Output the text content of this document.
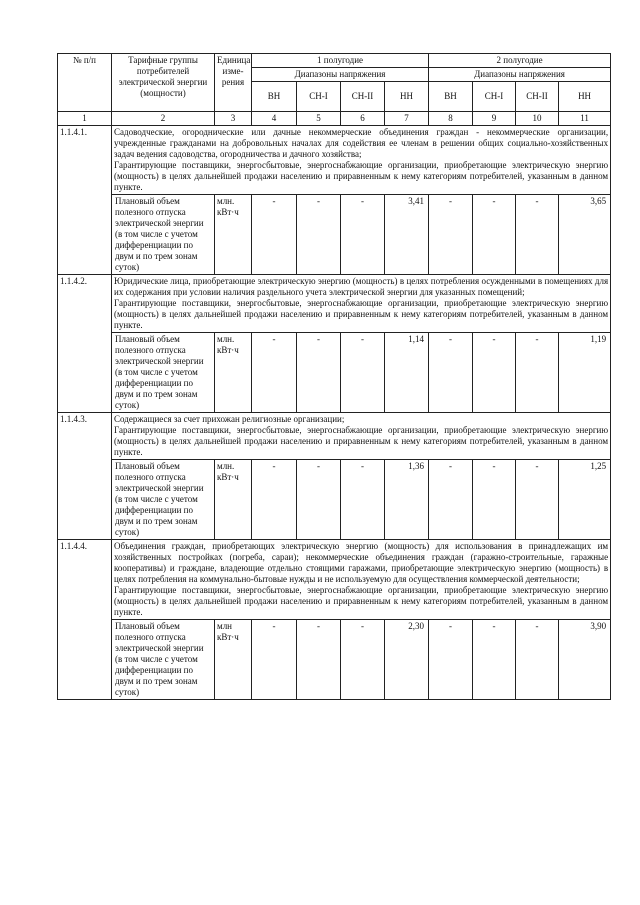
№ п/п	Тарифные группы потребителей электрической энергии (мощности)	Единица изме-рения	1 полугодие				2 полугодие			
			Диапазоны напряжения				Диапазоны напряжения			
			ВН	СН-I	СН-II	НН	ВН	СН-I	СН-II	НН
1	2	3	4	5	6	7	8	9	10	11
1.1.4.1.	Садоводческие, огороднические или дачные некоммерческие объединения граждан - некоммерческие организации, учрежденные гражданами на добровольных началах для содействия ее членам в решении общих социально-хозяйственных задач ведения садоводства, огородничества и дачного хозяйства;

Гарантирующие поставщики, энергосбытовые, энергоснабжающие организации, приобретающие электрическую энергию (мощность) в целях дальнейшей продажи населению и приравненным к нему категориям потребителей, указанным в данном пункте.									

	Плановый объем полезного отпуска электрической энергии (в том числе с учетом дифференциации по двум и по трем зонам суток)	млн. кВт·ч	-	-	-	3,41	-	-	-	3,65
1.1.4.2.	Юридические лица, приобретающие электрическую энергию (мощность) в целях потребления осужденными в помещениях для их содержания при условии наличия раздельного учета электрической энергии для указанных помещений;

Гарантирующие поставщики, энергосбытовые, энергоснабжающие организации, приобретающие электрическую энергию (мощность) в целях дальнейшей продажи населению и приравненным к нему категориям потребителей, указанным в данном пункте.									

	Плановый объем полезного отпуска электрической энергии (в том числе с учетом дифференциации по двум и по трем зонам суток)	млн. кВт·ч	-	-	-	1,14	-	-	-	1,19
1.1.4.3.	Содержащиеся за счет прихожан религиозные организации;

Гарантирующие поставщики, энергосбытовые, энергоснабжающие организации, приобретающие электрическую энергию (мощность) в целях дальнейшей продажи населению и приравненным к нему категориям потребителей, указанным в данном пункте.									

	Плановый объем полезного отпуска электрической энергии (в том числе с учетом дифференциации по двум и по трем зонам суток)	млн. кВт·ч	-	-	-	1,36	-	-	-	1,25
1.1.4.4.	Объединения граждан, приобретающих электрическую энергию (мощность) для использования в принадлежащих им хозяйственных постройках (погреба, сараи); некоммерческие объединения граждан (гаражно-строительные, гаражные кооперативы) и граждане, владеющие отдельно стоящими гаражами, приобретающие электрическую энергию (мощность) в целях потребления на коммунально-бытовые нужды и не используемую для осуществления коммерческой деятельности;

Гарантирующие поставщики, энергосбытовые, энергоснабжающие организации, приобретающие электрическую энергию (мощность) в целях дальнейшей продажи населению и приравненным к нему категориям потребителей, указанным в данном пункте.									

	Плановый объем полезного отпуска электрической энергии (в том числе с учетом дифференциации по двум и по трем зонам суток)	млн кВт·ч	-	-	-	2,30	-	-	-	3,90
